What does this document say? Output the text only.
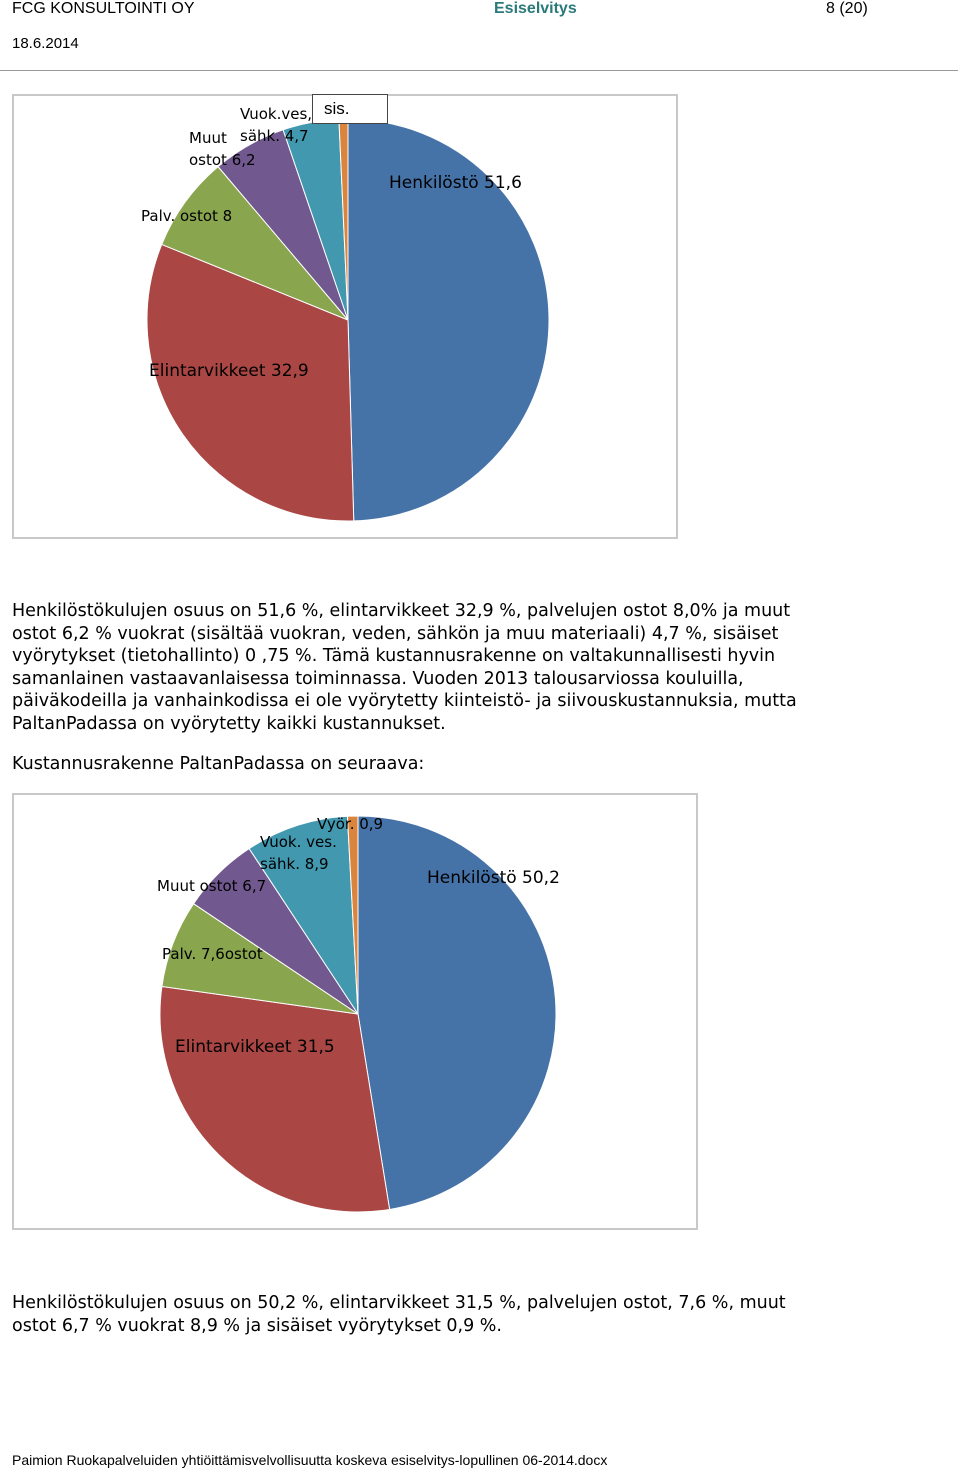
FCG KONSULTOINTI OY	Esiselvitys	8 (20)
18.6.2014
Henkilöstö 51,6
Elintarvikkeet 32,9
Palv. ostot 8
Muut
ostot 6,2
Vuok.ves,
sähk. 4,7
sis.
Henkilöstökulujen osuus on 51,6 %, elintarvikkeet 32,9 %, palvelujen ostot 8,0% ja muut
ostot 6,2 % vuokrat (sisältää vuokran, veden, sähkön ja muu materiaali) 4,7 %, sisäiset
vyörytykset (tietohallinto) 0 ,75 %. Tämä kustannusrakenne on valtakunnallisesti hyvin
samanlainen vastaavanlaisessa toiminnassa. Vuoden 2013 talousarviossa kouluilla,
päiväkodeilla ja vanhainkodissa ei ole vyörytetty kiinteistö- ja siivouskustannuksia, mutta
PaltanPadassa on vyörytetty kaikki kustannukset.
Kustannusrakenne PaltanPadassa on seuraava:
Henkilöstö 50,2
Elintarvikkeet 31,5
Palv. 7,6ostot
Muut ostot 6,7
Vuok. ves.
sähk. 8,9
Vyör. 0,9
Henkilöstökulujen osuus on 50,2 %, elintarvikkeet 31,5 %, palvelujen ostot, 7,6 %, muut
ostot 6,7 % vuokrat 8,9 % ja sisäiset vyörytykset 0,9 %.
Paimion Ruokapalveluiden yhtiöittämisvelvollisuutta koskeva esiselvitys-lopullinen 06-2014.docx
